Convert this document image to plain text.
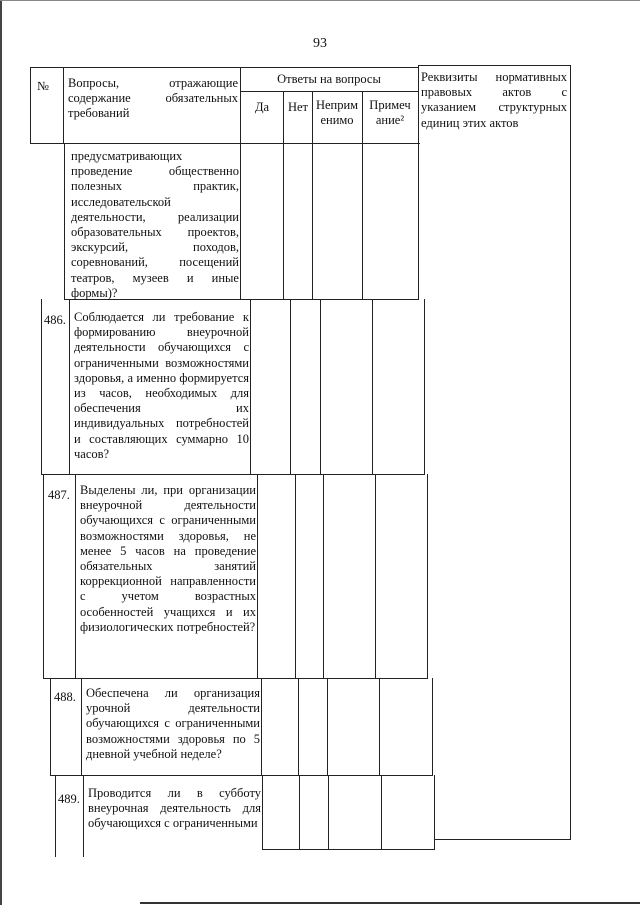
93
№	Вопросы, отражающие содержание обязательных требований
Ответы на вопросы
Да	Нет Неприм енимо
Примеч ание²
Реквизиты нормативных правовых актов с указанием структурных единиц этих актов
предусматривающих проведение общественно полезных практик, исследовательской деятельности, реализации образовательных проектов, экскурсий, походов, соревнований, посещений театров, музеев и иные формы)?
486. Соблюдается ли требование к формированию внеурочной деятельности обучающихся с ограниченными возможностями здоровья, а именно формируется из часов, необходимых для обеспечения их индивидуальных потребностей и составляющих суммарно 10 часов?
487. Выделены ли, при организации внеурочной деятельности обучающихся с ограниченными возможностями здоровья, не менее 5 часов на проведение обязательных занятий коррекционной направленности с учетом возрастных особенностей учащихся и их физиологических потребностей?
488. Обеспечена ли организация урочной деятельности обучающихся с ограниченными возможностями здоровья по 5 дневной учебной неделе?
489. Проводится ли в субботу внеурочная деятельность для обучающихся с ограниченными
